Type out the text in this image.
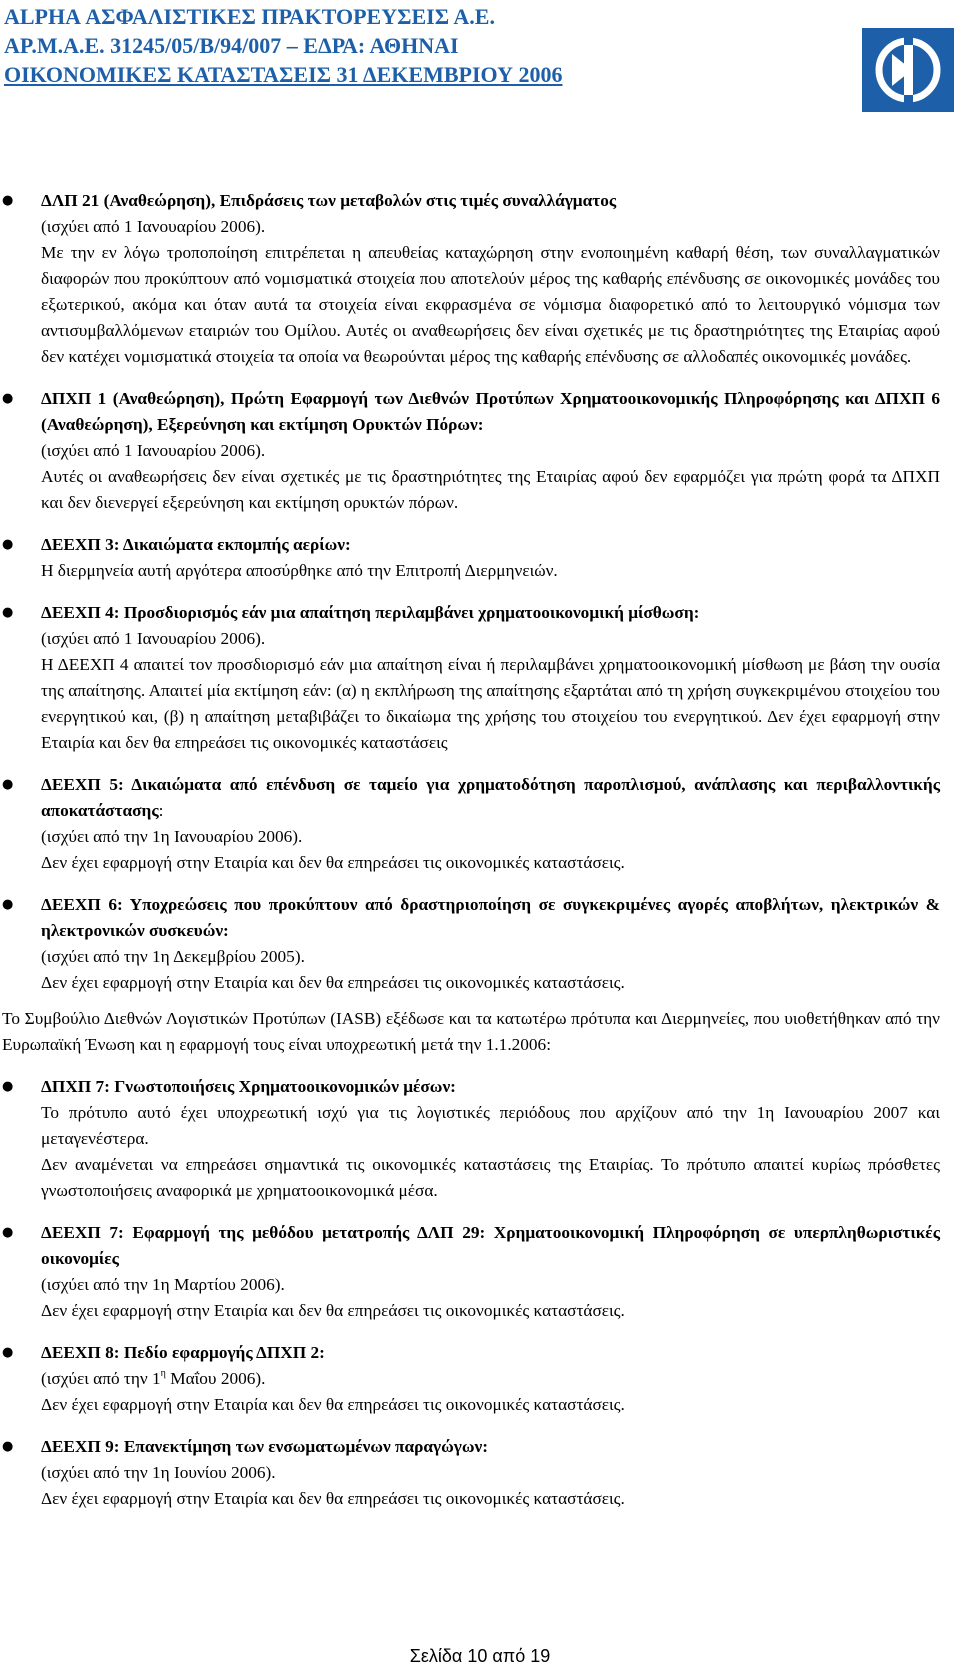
ALPHA ΑΣΦΑΛΙΣΤΙΚΕΣ ΠΡΑΚΤΟΡΕΥΣΕΙΣ Α.Ε.
ΑΡ.Μ.Α.Ε. 31245/05/Β/94/007 – ΕΔΡΑ: ΑΘΗΝΑΙ
ΟΙΚΟΝΟΜΙΚΕΣ ΚΑΤΑΣΤΑΣΕΙΣ 31 ΔΕΚΕΜΒΡΙΟΥ 2006
●	ΔΛΠ 21 (Αναθεώρηση), Επιδράσεις των μεταβολών στις τιμές συναλλάγματος
(ισχύει από 1 Ιανουαρίου 2006).
Με την εν λόγω τροποποίηση επιτρέπεται η απευθείας καταχώρηση στην ενοποιημένη καθαρή θέση, των συναλλαγματικών διαφορών που προκύπτουν από νομισματικά στοιχεία που αποτελούν μέρος της καθαρής επένδυσης σε οικονομικές μονάδες του εξωτερικού, ακόμα και όταν αυτά τα στοιχεία είναι εκφρασμένα σε νόμισμα διαφορετικό από το λειτουργικό νόμισμα των αντισυμβαλλόμενων εταιριών του Ομίλου. Αυτές οι αναθεωρήσεις δεν είναι σχετικές με τις δραστηριότητες της Εταιρίας αφού δεν κατέχει νομισματικά στοιχεία τα οποία να θεωρούνται μέρος της καθαρής επένδυσης σε αλλοδαπές οικονομικές μονάδες.
●	ΔΠΧΠ 1 (Αναθεώρηση), Πρώτη Εφαρμογή των Διεθνών Προτύπων Χρηματοοικονομικής Πληροφόρησης και ΔΠΧΠ 6 (Αναθεώρηση), Εξερεύνηση και εκτίμηση Ορυκτών Πόρων:
(ισχύει από 1 Ιανουαρίου 2006).
Αυτές οι αναθεωρήσεις δεν είναι σχετικές με τις δραστηριότητες της Εταιρίας αφού δεν εφαρμόζει για πρώτη φορά τα ΔΠΧΠ και δεν διενεργεί εξερεύνηση και εκτίμηση ορυκτών πόρων.
●	ΔΕΕΧΠ 3: Δικαιώματα εκπομπής αερίων:
Η διερμηνεία αυτή αργότερα αποσύρθηκε από την Επιτροπή Διερμηνειών.
●	ΔΕΕΧΠ 4: Προσδιορισμός εάν μια απαίτηση περιλαμβάνει χρηματοοικονομική μίσθωση:
(ισχύει από 1 Ιανουαρίου 2006).
Η ΔΕΕΧΠ 4 απαιτεί τον προσδιορισμό εάν μια απαίτηση είναι ή περιλαμβάνει χρηματοοικονομική μίσθωση με βάση την ουσία της απαίτησης. Απαιτεί μία εκτίμηση εάν: (α) η εκπλήρωση της απαίτησης εξαρτάται από τη χρήση συγκεκριμένου στοιχείου του ενεργητικού και, (β) η απαίτηση μεταβιβάζει το δικαίωμα της χρήσης του στοιχείου του ενεργητικού. Δεν έχει εφαρμογή στην Εταιρία και δεν θα επηρεάσει τις οικονομικές καταστάσεις
●	ΔΕΕΧΠ 5: Δικαιώματα από επένδυση σε ταμείο για χρηματοδότηση παροπλισμού, ανάπλασης και περιβαλλοντικής αποκατάστασης:
(ισχύει από την 1η Ιανουαρίου 2006).
Δεν έχει εφαρμογή στην Εταιρία και δεν θα επηρεάσει τις οικονομικές καταστάσεις.
●	ΔΕΕΧΠ 6: Υποχρεώσεις που προκύπτουν από δραστηριοποίηση σε συγκεκριμένες αγορές αποβλήτων, ηλεκτρικών & ηλεκτρονικών συσκευών:
(ισχύει από την 1η Δεκεμβρίου 2005).
Δεν έχει εφαρμογή στην Εταιρία και δεν θα επηρεάσει τις οικονομικές καταστάσεις.
Το Συμβούλιο Διεθνών Λογιστικών Προτύπων (IASB) εξέδωσε και τα κατωτέρω πρότυπα και Διερμηνείες, που υιοθετήθηκαν από την Ευρωπαϊκή Ένωση και η εφαρμογή τους είναι υποχρεωτική μετά την 1.1.2006:
●	ΔΠΧΠ 7: Γνωστοποιήσεις Χρηματοοικονομικών μέσων:
Το πρότυπο αυτό έχει υποχρεωτική ισχύ για τις λογιστικές περιόδους που αρχίζουν από την 1η Ιανουαρίου 2007 και μεταγενέστερα.
Δεν αναμένεται να επηρεάσει σημαντικά τις οικονομικές καταστάσεις της Εταιρίας. Το πρότυπο απαιτεί κυρίως πρόσθετες γνωστοποιήσεις αναφορικά με χρηματοοικονομικά μέσα.
●	ΔΕΕΧΠ 7: Εφαρμογή της μεθόδου μετατροπής ΔΛΠ 29: Χρηματοοικονομική Πληροφόρηση σε υπερπληθωριστικές οικονομίες
(ισχύει από την 1η Μαρτίου 2006).
Δεν έχει εφαρμογή στην Εταιρία και δεν θα επηρεάσει τις οικονομικές καταστάσεις.
●	ΔΕΕΧΠ 8: Πεδίο εφαρμογής ΔΠΧΠ 2:
(ισχύει από την $1^\eta$ Μαΐου 2006).
Δεν έχει εφαρμογή στην Εταιρία και δεν θα επηρεάσει τις οικονομικές καταστάσεις.
●	ΔΕΕΧΠ 9: Επανεκτίμηση των ενσωματωμένων παραγώγων:
(ισχύει από την 1η Ιουνίου 2006).
Δεν έχει εφαρμογή στην Εταιρία και δεν θα επηρεάσει τις οικονομικές καταστάσεις.
Σελίδα 10 από 19
